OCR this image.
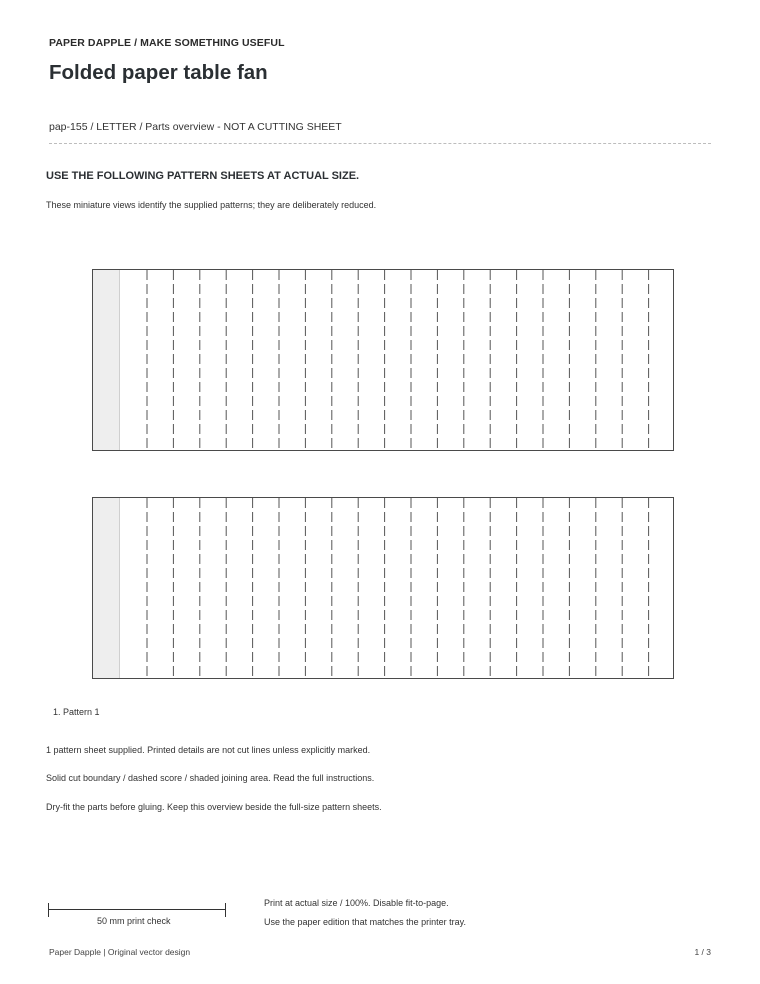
PAPER DAPPLE / MAKE SOMETHING USEFUL
Folded paper table fan
pap-155 / LETTER / Parts overview - NOT A CUTTING SHEET
USE THE FOLLOWING PATTERN SHEETS AT ACTUAL SIZE.
These miniature views identify the supplied patterns; they are deliberately reduced.
1. Pattern 1
1 pattern sheet supplied. Printed details are not cut lines unless explicitly marked.
Solid cut boundary / dashed score / shaded joining area. Read the full instructions.
Dry-fit the parts before gluing. Keep this overview beside the full-size pattern sheets.
50 mm print check
Print at actual size / 100%. Disable fit-to-page.
Use the paper edition that matches the printer tray.
Paper Dapple | Original vector design	1 / 3
